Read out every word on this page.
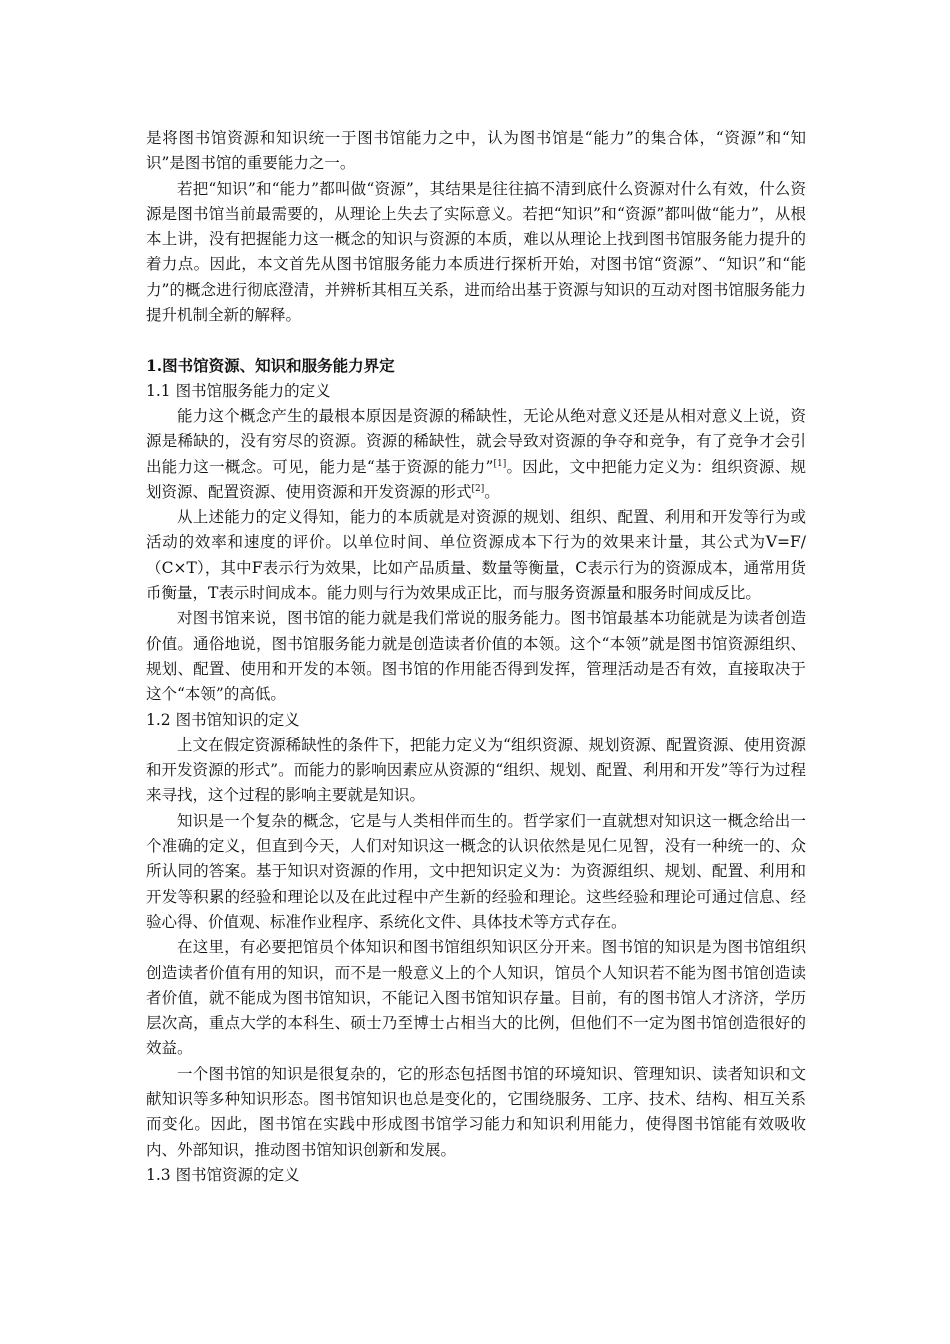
是将图书馆资源和知识统一于图书馆能力之中，认为图书馆是“能力”的集合体，“资源”和“知识”是图书馆的重要能力之一。

若把“知识”和“能力”都叫做“资源”，其结果是往往搞不清到底什么资源对什么有效，什么资源是图书馆当前最需要的，从理论上失去了实际意义。若把“知识”和“资源”都叫做“能力”，从根本上讲，没有把握能力这一概念的知识与资源的本质，难以从理论上找到图书馆服务能力提升的着力点。因此，本文首先从图书馆服务能力本质进行探析开始，对图书馆“资源”、“知识”和“能力”的概念进行彻底澄清，并辨析其相互关系，进而给出基于资源与知识的互动对图书馆服务能力提升机制全新的解释。

1.图书馆资源、知识和服务能力界定

1.1 图书馆服务能力的定义

能力这个概念产生的最根本原因是资源的稀缺性，无论从绝对意义还是从相对意义上说，资源是稀缺的，没有穷尽的资源。资源的稀缺性，就会导致对资源的争夺和竞争，有了竞争才会引出能力这一概念。可见，能力是“基于资源的能力”[1]。因此，文中把能力定义为：组织资源、规划资源、配置资源、使用资源和开发资源的形式[2]。

从上述能力的定义得知，能力的本质就是对资源的规划、组织、配置、利用和开发等行为或活动的效率和速度的评价。以单位时间、单位资源成本下行为的效果来计量，其公式为V=F/（C×T），其中F表示行为效果，比如产品质量、数量等衡量，C表示行为的资源成本，通常用货币衡量，T表示时间成本。能力则与行为效果成正比，而与服务资源量和服务时间成反比。

对图书馆来说，图书馆的能力就是我们常说的服务能力。图书馆最基本功能就是为读者创造价值。通俗地说，图书馆服务能力就是创造读者价值的本领。这个“本领”就是图书馆资源组织、规划、配置、使用和开发的本领。图书馆的作用能否得到发挥，管理活动是否有效，直接取决于这个“本领”的高低。

1.2 图书馆知识的定义

上文在假定资源稀缺性的条件下，把能力定义为“组织资源、规划资源、配置资源、使用资源和开发资源的形式”。而能力的影响因素应从资源的“组织、规划、配置、利用和开发”等行为过程来寻找，这个过程的影响主要就是知识。

知识是一个复杂的概念，它是与人类相伴而生的。哲学家们一直就想对知识这一概念给出一个准确的定义，但直到今天，人们对知识这一概念的认识依然是见仁见智，没有一种统一的、众所认同的答案。基于知识对资源的作用，文中把知识定义为：为资源组织、规划、配置、利用和开发等积累的经验和理论以及在此过程中产生新的经验和理论。这些经验和理论可通过信息、经验心得、价值观、标准作业程序、系统化文件、具体技术等方式存在。

在这里，有必要把馆员个体知识和图书馆组织知识区分开来。图书馆的知识是为图书馆组织创造读者价值有用的知识，而不是一般意义上的个人知识，馆员个人知识若不能为图书馆创造读者价值，就不能成为图书馆知识，不能记入图书馆知识存量。目前，有的图书馆人才济济，学历层次高，重点大学的本科生、硕士乃至博士占相当大的比例，但他们不一定为图书馆创造很好的效益。

一个图书馆的知识是很复杂的，它的形态包括图书馆的环境知识、管理知识、读者知识和文献知识等多种知识形态。图书馆知识也总是变化的，它围绕服务、工序、技术、结构、相互关系而变化。因此，图书馆在实践中形成图书馆学习能力和知识利用能力，使得图书馆能有效吸收内、外部知识，推动图书馆知识创新和发展。

1.3 图书馆资源的定义
